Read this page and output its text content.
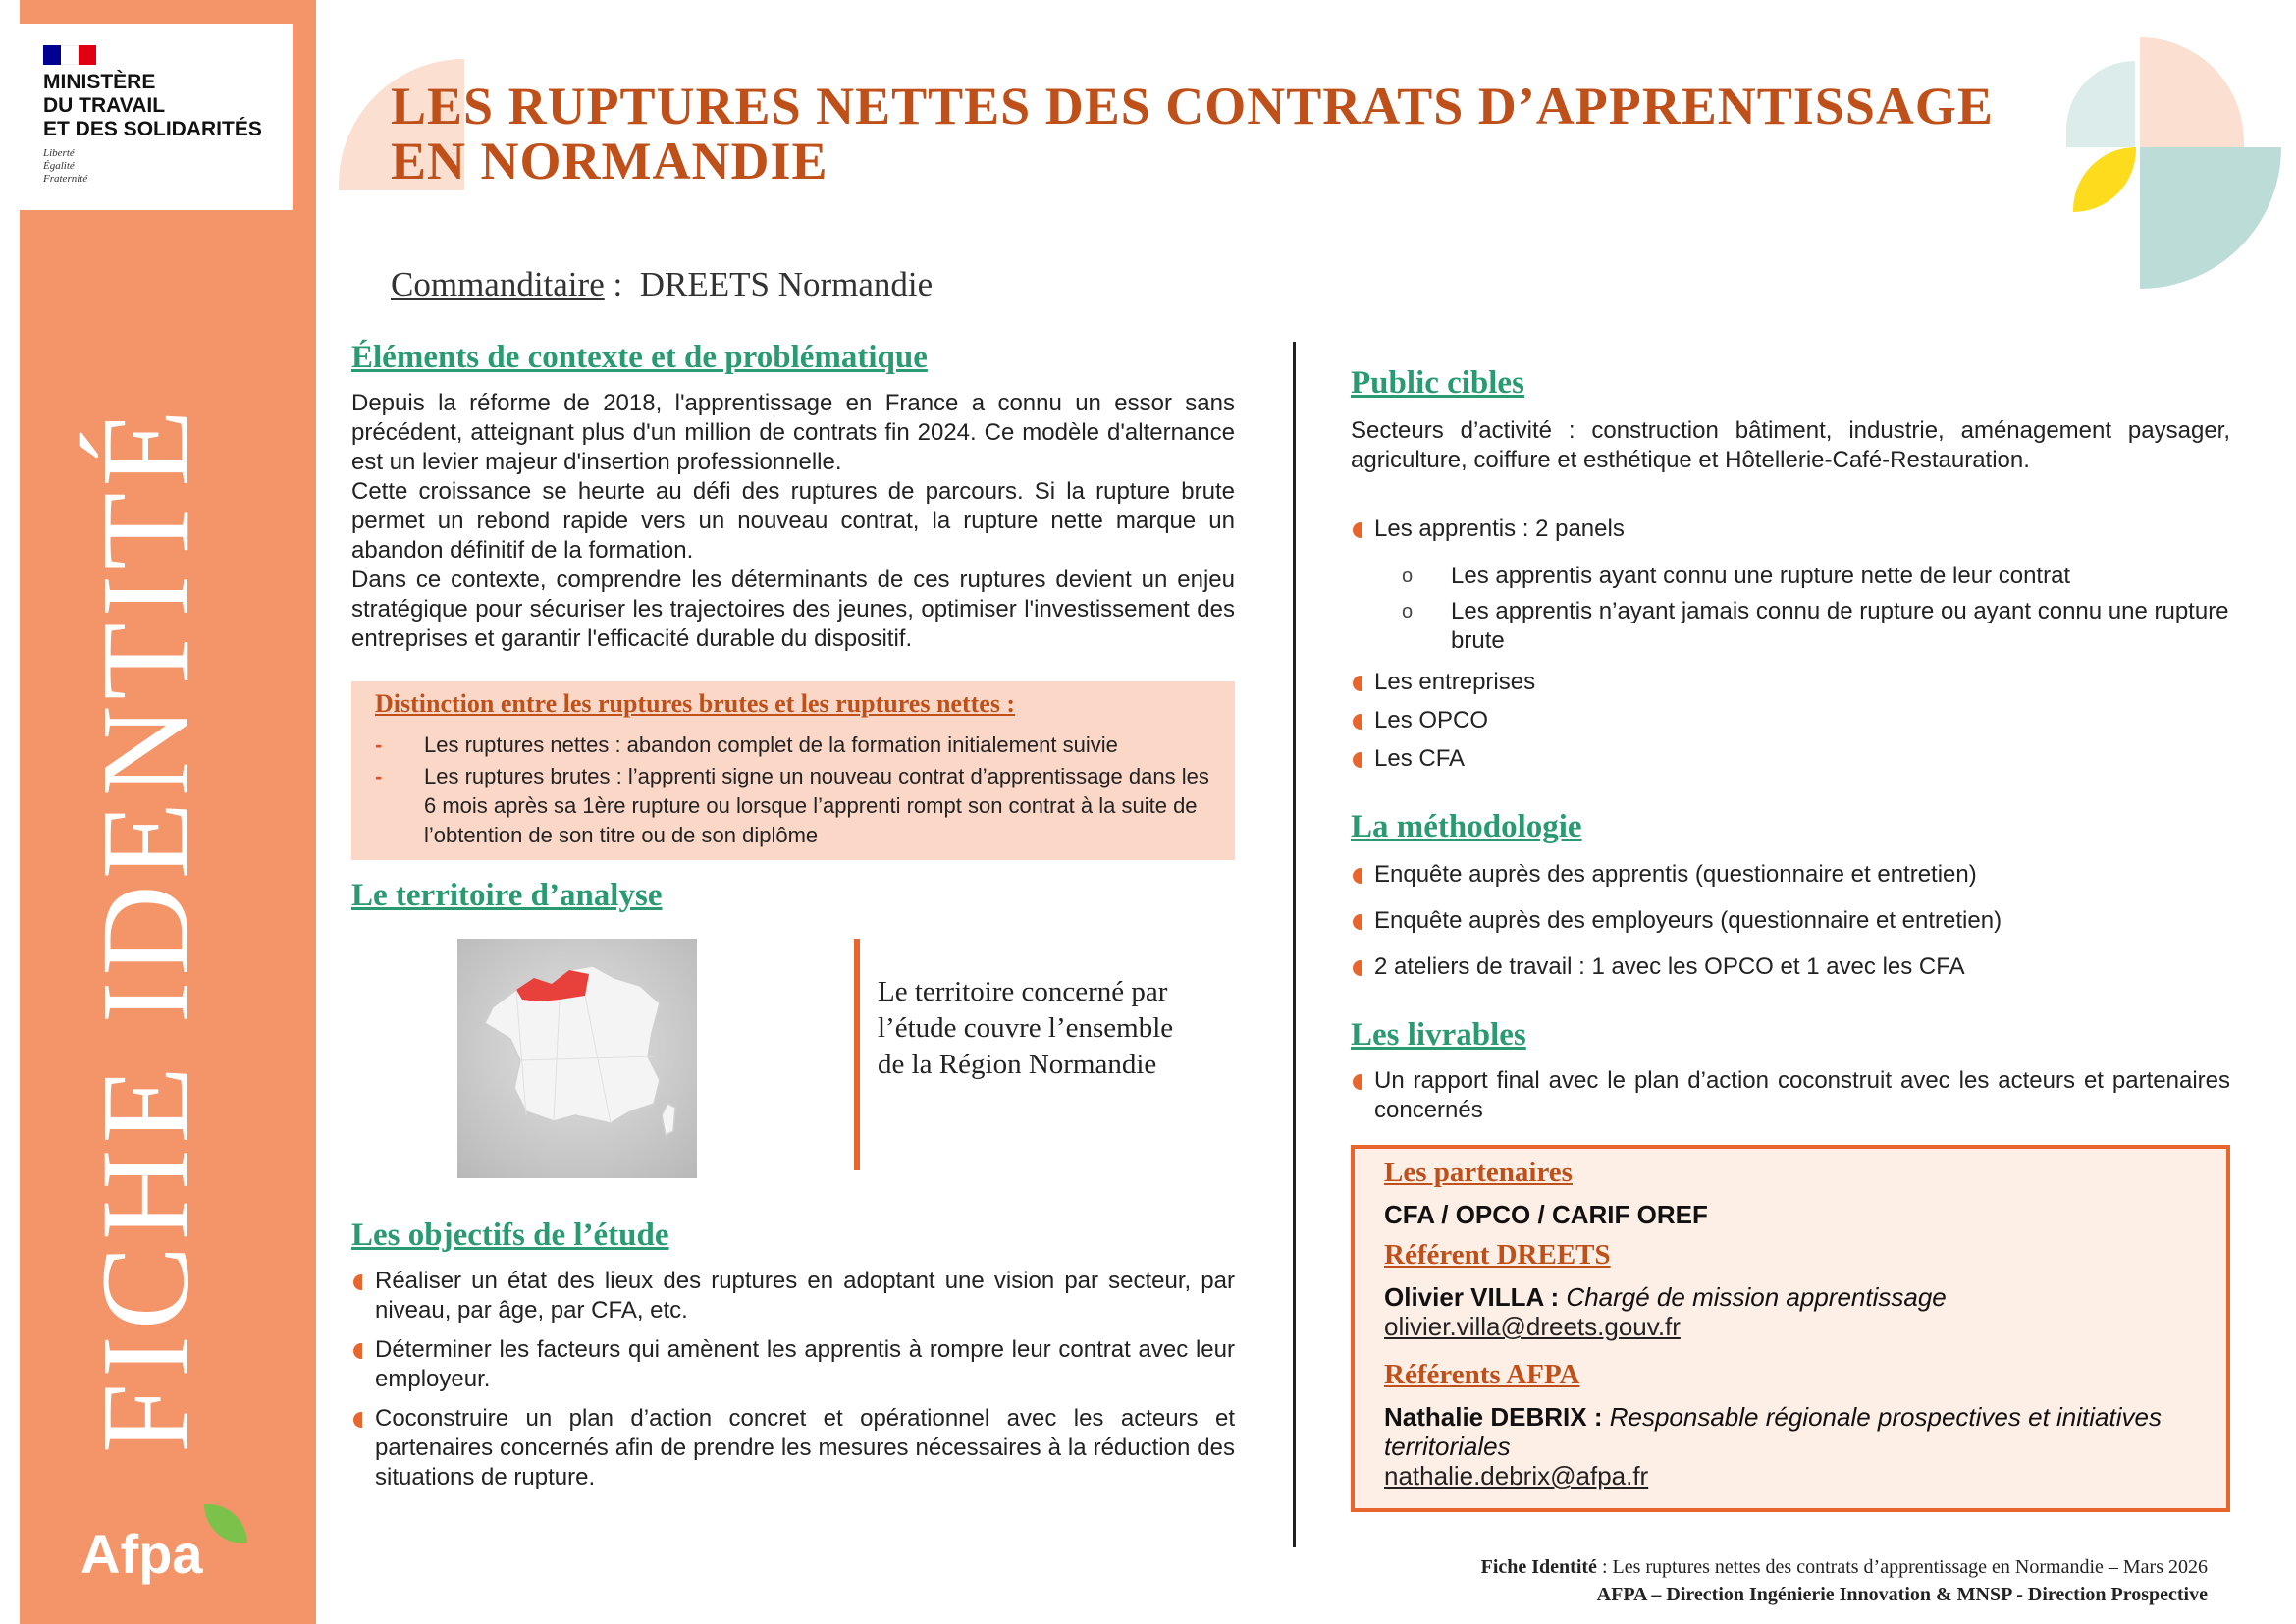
MINISTÈRE
DU TRAVAIL
ET DES SOLIDARITÉS
Liberté
Égalité
Fraternité
FICHE IDENTITÉ
Afpa
LES RUPTURES NETTES DES CONTRATS D’APPRENTISSAGE
EN NORMANDIE
Commanditaire :  DREETS Normandie
Éléments de contexte et de problématique

Depuis la réforme de 2018, l'apprentissage en France a connu un essor sans précédent, atteignant plus d'un million de contrats fin 2024. Ce modèle d'alternance est un levier majeur d'insertion professionnelle.

Cette croissance se heurte au défi des ruptures de parcours. Si la rupture brute permet un rebond rapide vers un nouveau contrat, la rupture nette marque un abandon définitif de la formation.

Dans ce contexte, comprendre les déterminants de ces ruptures devient un enjeu stratégique pour sécuriser les trajectoires des jeunes, optimiser l'investissement des entreprises et garantir l'efficacité durable du dispositif.

Distinction entre les ruptures brutes et les ruptures nettes :
- Les ruptures nettes : abandon complet de la formation initialement suivie
- Les ruptures brutes : l’apprenti signe un nouveau contrat d’apprentissage dans les 6 mois après sa 1ère rupture ou lorsque l’apprenti rompt son contrat à la suite de l’obtention de son titre ou de son diplôme
Le territoire d’analyse
Le territoire concerné par l’étude couvre l’ensemble de la Région Normandie
Les objectifs de l’étude
Réaliser un état des lieux des ruptures en adoptant une vision par secteur, par niveau, par âge, par CFA, etc.
Déterminer les facteurs qui amènent les apprentis à rompre leur contrat avec leur employeur.
Coconstruire un plan d’action concret et opérationnel avec les acteurs et partenaires concernés afin de prendre les mesures nécessaires à la réduction des situations de rupture.
Public cibles
Secteurs d’activité : construction bâtiment, industrie, aménagement paysager, agriculture, coiffure et esthétique et Hôtellerie-Café-Restauration.
Les apprentis : 2 panels
o Les apprentis ayant connu une rupture nette de leur contrat
o Les apprentis n’ayant jamais connu de rupture ou ayant connu une rupture brute
Les entreprises
Les OPCO
Les CFA
La méthodologie
Enquête auprès des apprentis (questionnaire et entretien)
Enquête auprès des employeurs (questionnaire et entretien)
2 ateliers de travail : 1 avec les OPCO et 1 avec les CFA
Les livrables
Un rapport final avec le plan d’action coconstruit avec les acteurs et partenaires concernés
Les partenaires
CFA / OPCO / CARIF OREF
Référent DREETS
Olivier VILLA : Chargé de mission apprentissage
olivier.villa@dreets.gouv.fr
Référents AFPA
Nathalie DEBRIX : Responsable régionale prospectives et initiatives territoriales
nathalie.debrix@afpa.fr
Fiche Identité : Les ruptures nettes des contrats d’apprentissage en Normandie – Mars 2026
AFPA – Direction Ingénierie Innovation & MNSP - Direction Prospective
